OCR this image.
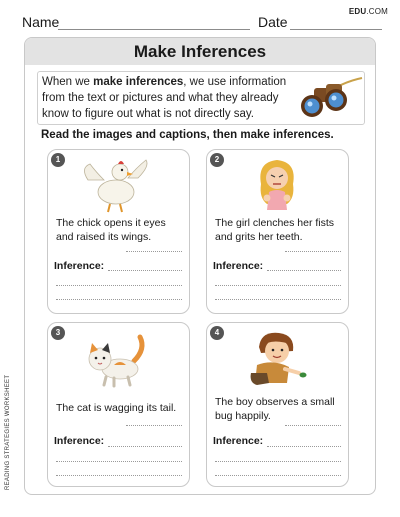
Name	Date
EDU.COM
Make Inferences
When we make inferences, we use information from the text or pictures and what they already know to figure out what is not directly say.
Read the images and captions, then make inferences.
1
The chick opens it eyes and raised its wings.
Inference:
2
The girl clenches her fists and grits her teeth.
Inference:
3
The cat is wagging its tail.
Inference:
4
The boy observes a small bug happily.
Inference:
READING STRATEGIES WORKSHEET
